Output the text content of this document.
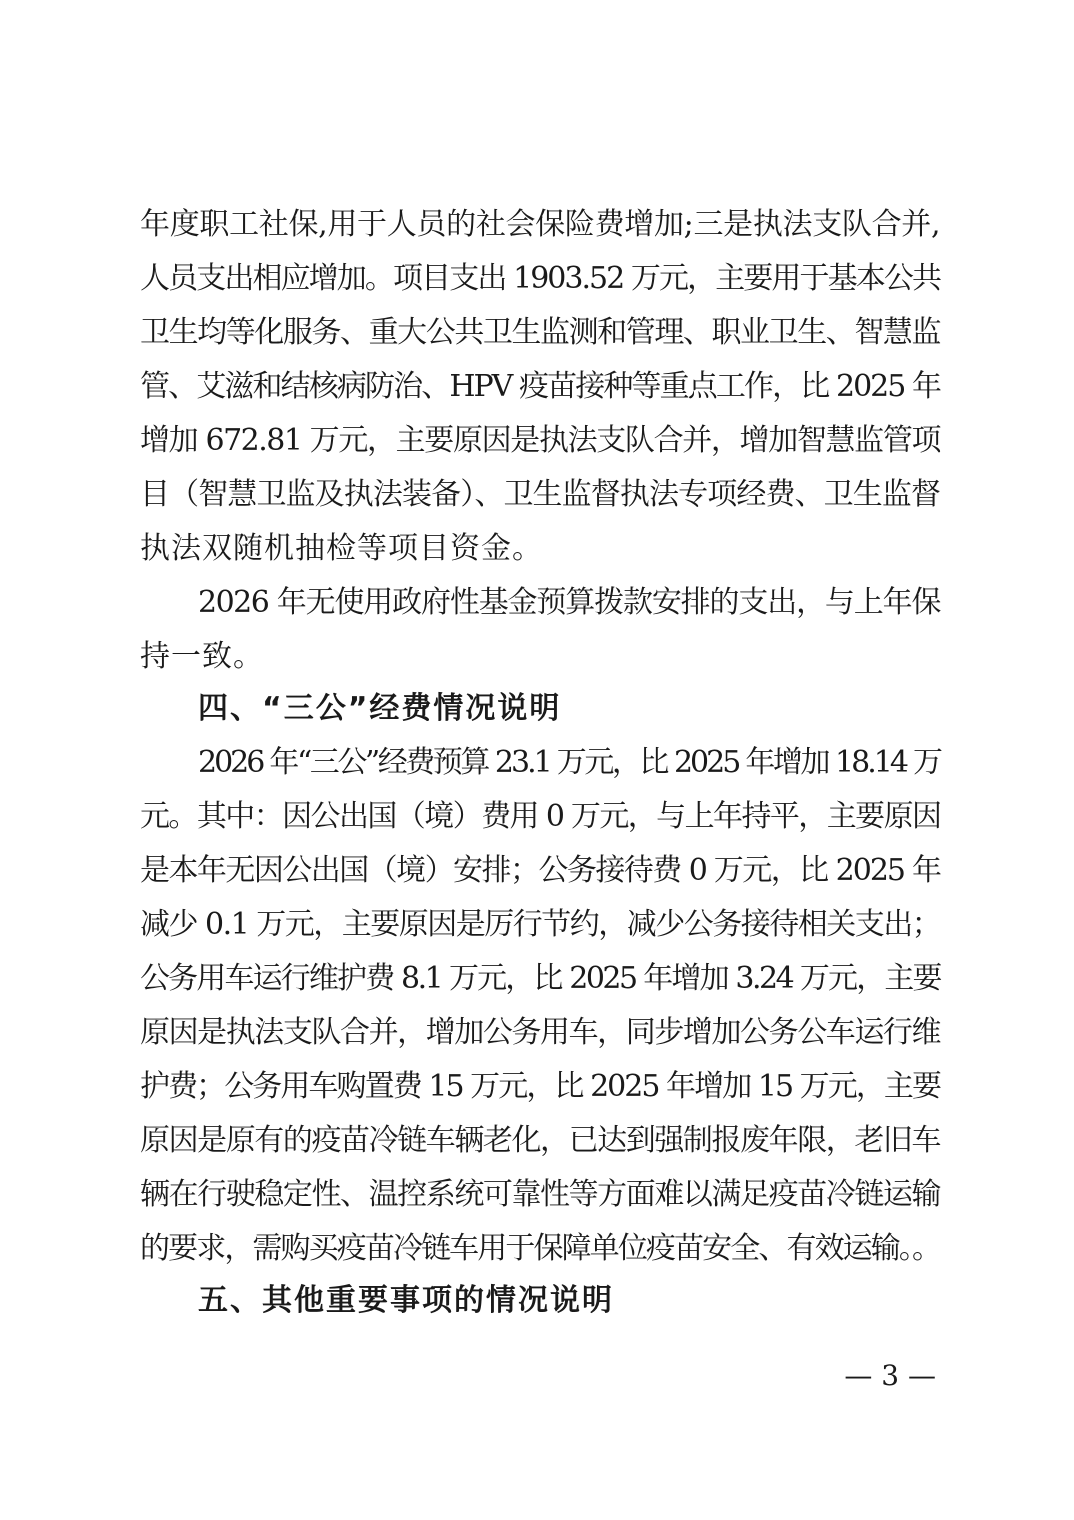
年度职工社保,用于人员的社会保险费增加;三是执法支队合并,
人员支出相应增加。项目支出 1903.52 万元，主要用于基本公共
卫生均等化服务、重大公共卫生监测和管理、职业卫生、智慧监
管、艾滋和结核病防治、HPV 疫苗接种等重点工作，比 2025 年
增加 672.81 万元，主要原因是执法支队合并，增加智慧监管项
目（智慧卫监及执法装备）、卫生监督执法专项经费、卫生监督
执法双随机抽检等项目资金。
2026 年无使用政府性基金预算拨款安排的支出，与上年保
持一致。
四、“三公”经费情况说明
2026 年“三公”经费预算 23.1 万元，比 2025 年增加 18.14 万
元。其中：因公出国（境）费用 0 万元，与上年持平，主要原因
是本年无因公出国（境）安排；公务接待费 0 万元，比 2025 年
减少 0.1 万元，主要原因是厉行节约，减少公务接待相关支出；
公务用车运行维护费 8.1 万元，比 2025 年增加 3.24 万元，主要
原因是执法支队合并，增加公务用车，同步增加公务公车运行维
护费；公务用车购置费 15 万元，比 2025 年增加 15 万元，主要
原因是原有的疫苗冷链车辆老化，已达到强制报废年限，老旧车
辆在行驶稳定性、温控系统可靠性等方面难以满足疫苗冷链运输
的要求，需购买疫苗冷链车用于保障单位疫苗安全、有效运输。。
五、其他重要事项的情况说明
— 3 —
